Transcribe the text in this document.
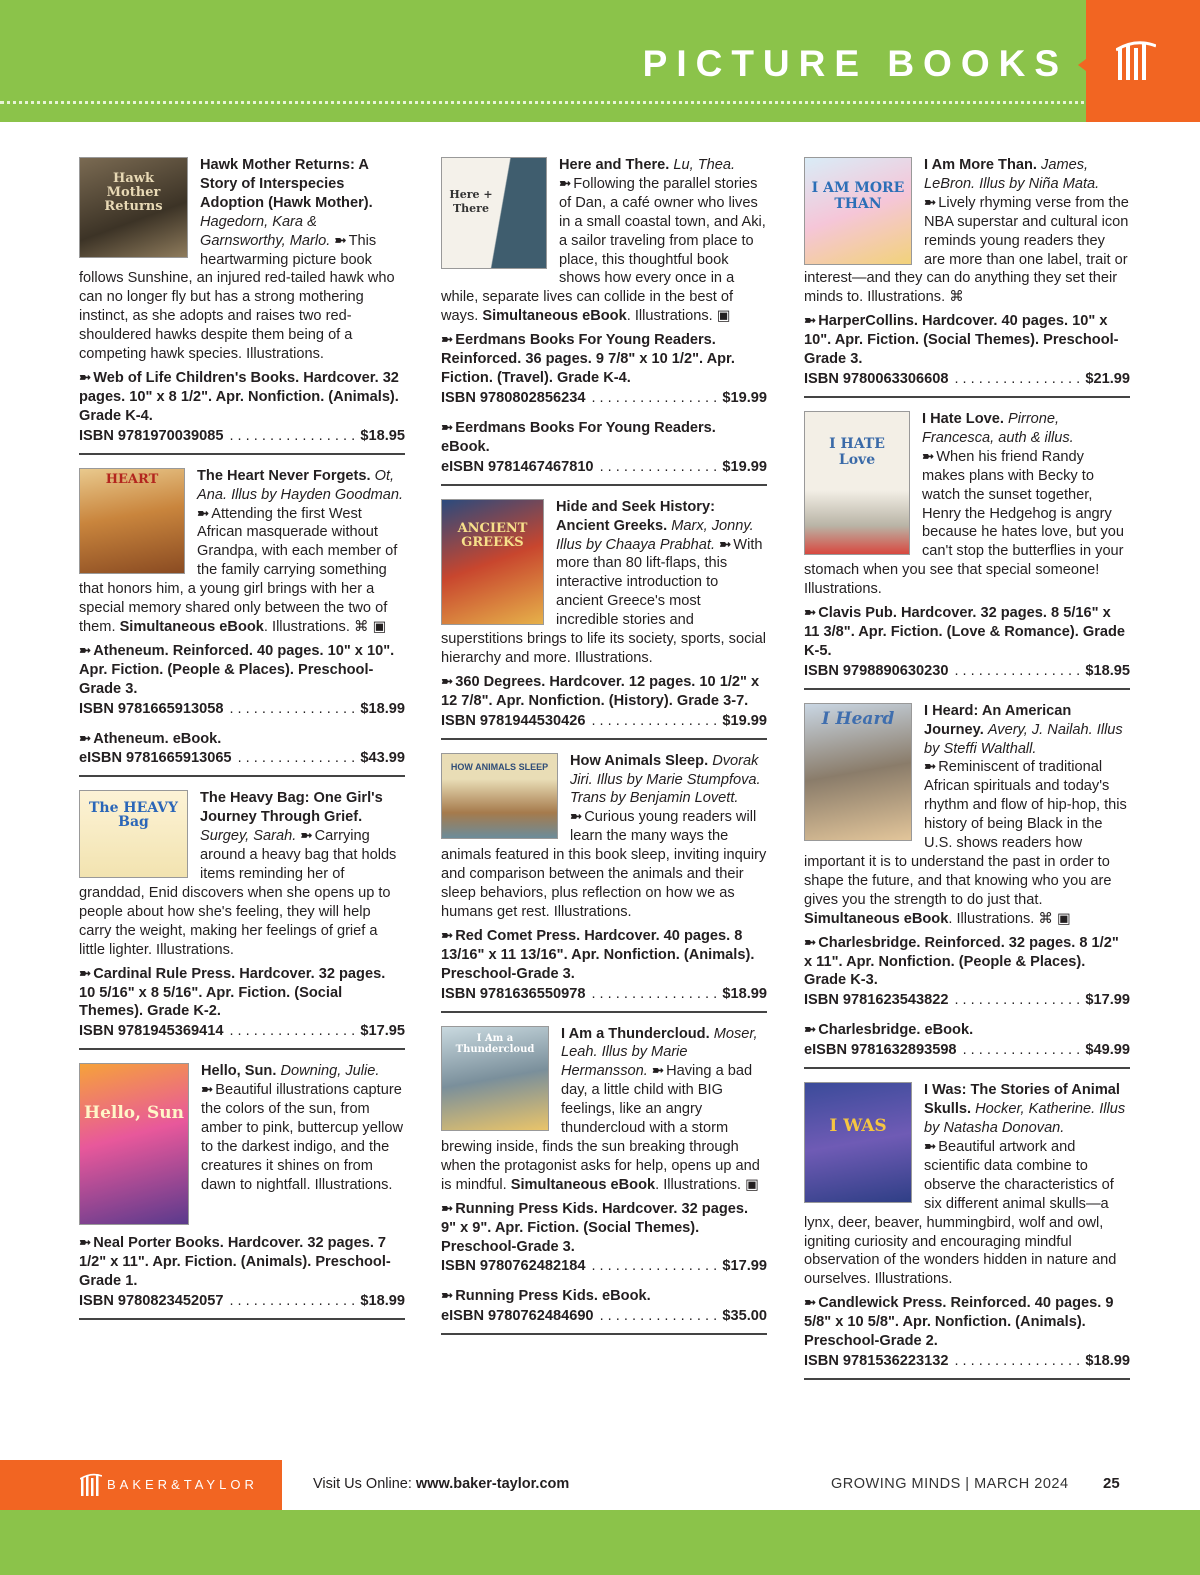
PICTURE BOOKS
Hawk Mother Returns
Hawk Mother Returns: A Story of Interspecies Adoption (Hawk Mother). Hagedorn, Kara & Garnsworthy, Marlo. ➼ This heartwarming picture book follows Sunshine, an injured red-tailed hawk who can no longer fly but has a strong mothering instinct, as she adopts and raises two red-shouldered hawks despite them being of a competing hawk species. Illustrations.
➼ Web of Life Children's Books. Hardcover. 32 pages. 10" x 8 1/2". Apr. Nonfiction. (Animals). Grade K-4.
ISBN 9781970039085 . . .	$18.95
HEART	The Heart Never Forgets. Ot, Ana. Illus by Hayden Goodman. ➼ Attending the first West African masquerade without Grandpa, with each member of the family carrying something that honors him, a young girl brings with her a special memory shared only between the two of them. Simultaneous eBook. Illustrations. ⌘ ▣
➼ Atheneum. Reinforced. 40 pages. 10" x 10". Apr. Fiction. (People & Places). Preschool-Grade 3.
ISBN 9781665913058 . . .	$18.99
➼ Atheneum. eBook.
eISBN 9781665913065 . . .	$43.99
The HEAVY Bag
The Heavy Bag: One Girl's Journey Through Grief. Surgey, Sarah. ➼ Carrying around a heavy bag that holds items reminding her of granddad, Enid discovers when she opens up to people about how she's feeling, they will help carry the weight, making her feelings of grief a little lighter. Illustrations.
➼ Cardinal Rule Press. Hardcover. 32 pages. 10 5/16" x 8 5/16". Apr. Fiction. (Social Themes). Grade K-2.
ISBN 9781945369414 . . .	$17.95
Hello, Sun
Hello, Sun. Downing, Julie. ➼ Beautiful illustrations capture the colors of the sun, from amber to pink, buttercup yellow to the darkest indigo, and the creatures it shines on from dawn to nightfall. Illustrations.
➼ Neal Porter Books. Hardcover. 32 pages. 7 1/2" x 11". Apr. Fiction. (Animals). Preschool-Grade 1.
ISBN 9780823452057 . . .	$18.99
Here + There
Here and There. Lu, Thea. ➼ Following the parallel stories of Dan, a café owner who lives in a small coastal town, and Aki, a sailor traveling from place to place, this thoughtful book shows how every once in a while, separate lives can collide in the best of ways. Simultaneous eBook. Illustrations. ▣
➼ Eerdmans Books For Young Readers. Reinforced. 36 pages. 9 7/8" x 10 1/2". Apr. Fiction. (Travel). Grade K-4.
ISBN 9780802856234 . . .	$19.99
➼ Eerdmans Books For Young Readers. eBook.
eISBN 9781467467810 . . .	$19.99
ANCIENT GREEKS
Hide and Seek History: Ancient Greeks. Marx, Jonny. Illus by Chaaya Prabhat. ➼ With more than 80 lift-flaps, this interactive introduction to ancient Greece's most incredible stories and superstitions brings to life its society, sports, social hierarchy and more. Illustrations.
➼ 360 Degrees. Hardcover. 12 pages. 10 1/2" x 12 7/8". Apr. Nonfiction. (History). Grade 3-7.
ISBN 9781944530426 . . .	$19.99
HOW ANIMALS SLEEP	How Animals Sleep. Dvorak Jiri. Illus by Marie Stumpfova. Trans by Benjamin Lovett. ➼ Curious young readers will learn the many ways the animals featured in this book sleep, inviting inquiry and comparison between the animals and their sleep behaviors, plus reflection on how we as humans get rest. Illustrations.
➼ Red Comet Press. Hardcover. 40 pages. 8 13/16" x 11 13/16". Apr. Nonfiction. (Animals). Preschool-Grade 3.
ISBN 9781636550978 . . .	$18.99
I Am a Thundercloud
I Am a Thundercloud. Moser, Leah. Illus by Marie Hermansson. ➼ Having a bad day, a little child with BIG feelings, like an angry thundercloud with a storm brewing inside, finds the sun breaking through when the protagonist asks for help, opens up and is mindful. Simultaneous eBook. Illustrations. ▣
➼ Running Press Kids. Hardcover. 32 pages. 9" x 9". Apr. Fiction. (Social Themes). Preschool-Grade 3.
ISBN 9780762482184 . . .	$17.99
➼ Running Press Kids. eBook.
eISBN 9780762484690 . . .	$35.00
I AM MORE THAN
I Am More Than. James, LeBron. Illus by Niña Mata. ➼ Lively rhyming verse from the NBA superstar and cultural icon reminds young readers they are more than one label, trait or interest—and they can do anything they set their minds to. Illustrations. ⌘
➼ HarperCollins. Hardcover. 40 pages. 10" x 10". Apr. Fiction. (Social Themes). Preschool-Grade 3.
ISBN 9780063306608 . . .	$21.99
I HATE Love
I Hate Love. Pirrone, Francesca, auth & illus. ➼ When his friend Randy makes plans with Becky to watch the sunset together, Henry the Hedgehog is angry because he hates love, but you can't stop the butterflies in your stomach when you see that special someone! Illustrations.
➼ Clavis Pub. Hardcover. 32 pages. 8 5/16" x 11 3/8". Apr. Fiction. (Love & Romance). Grade K-5.
ISBN 9798890630230 . . .	$18.95
I Heard	I Heard: An American Journey. Avery, J. Nailah. Illus by Steffi Walthall. ➼ Reminiscent of traditional African spirituals and today's rhythm and flow of hip-hop, this history of being Black in the U.S. shows readers how important it is to understand the past in order to shape the future, and that knowing who you are gives you the strength to do just that. Simultaneous eBook. Illustrations. ⌘ ▣
➼ Charlesbridge. Reinforced. 32 pages. 8 1/2" x 11". Apr. Nonfiction. (People & Places). Grade K-3.
ISBN 9781623543822 . . .	$17.99
➼ Charlesbridge. eBook.
eISBN 9781632893598 . . .	$49.99
I WAS
I Was: The Stories of Animal Skulls. Hocker, Katherine. Illus by Natasha Donovan. ➼ Beautiful artwork and scientific data combine to observe the characteristics of six different animal skulls—a lynx, deer, beaver, hummingbird, wolf and owl, igniting curiosity and encouraging mindful observation of the wonders hidden in nature and ourselves. Illustrations.
➼ Candlewick Press. Reinforced. 40 pages. 9 5/8" x 10 5/8". Apr. Nonfiction. (Animals). Preschool-Grade 2.
ISBN 9781536223132 . . .	$18.99
BAKER&TAYLOR	Visit Us Online: www.baker-taylor.com	GROWING MINDS | MARCH 2024 25
